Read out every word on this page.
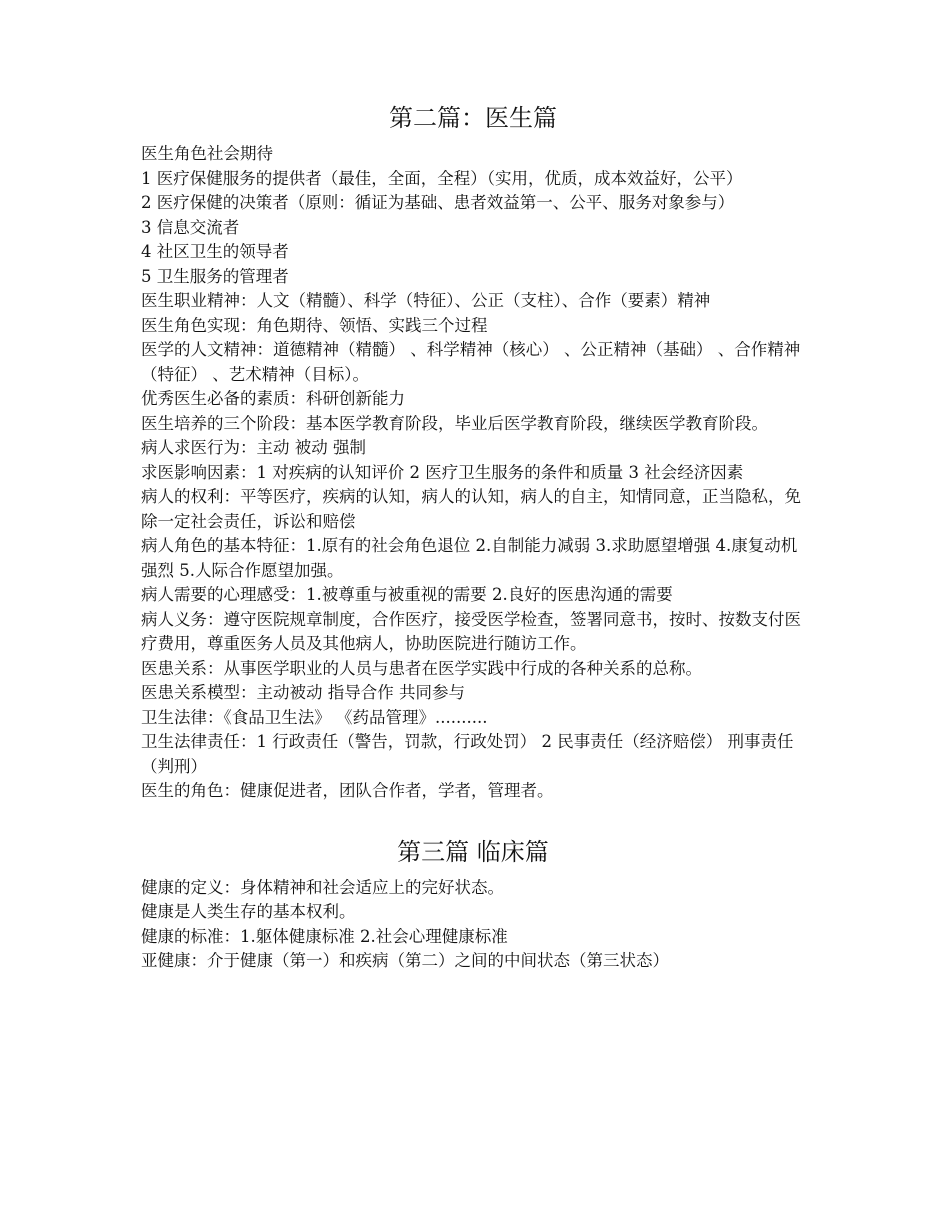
第二篇：医生篇

医生角色社会期待

1 医疗保健服务的提供者（最佳，全面，全程）（实用，优质，成本效益好，公平）

2 医疗保健的决策者（原则：循证为基础、患者效益第一、公平、服务对象参与）

3 信息交流者

4 社区卫生的领导者

5 卫生服务的管理者

医生职业精神：人文（精髓）、科学（特征）、公正（支柱）、合作（要素）精神

医生角色实现：角色期待、领悟、实践三个过程

医学的人文精神：道德精神（精髓） 、科学精神（核心） 、公正精神（基础） 、合作精神（特征） 、艺术精神（目标）。

优秀医生必备的素质：科研创新能力

医生培养的三个阶段：基本医学教育阶段，毕业后医学教育阶段，继续医学教育阶段。

病人求医行为：主动 被动 强制

求医影响因素：1 对疾病的认知评价 2 医疗卫生服务的条件和质量 3 社会经济因素

病人的权利：平等医疗，疾病的认知，病人的认知，病人的自主，知情同意，正当隐私，免除一定社会责任，诉讼和赔偿

病人角色的基本特征：1.原有的社会角色退位 2.自制能力减弱 3.求助愿望增强 4.康复动机强烈 5.人际合作愿望加强。

病人需要的心理感受：1.被尊重与被重视的需要 2.良好的医患沟通的需要

病人义务：遵守医院规章制度，合作医疗，接受医学检查，签署同意书，按时、按数支付医疗费用，尊重医务人员及其他病人，协助医院进行随访工作。

医患关系：从事医学职业的人员与患者在医学实践中行成的各种关系的总称。

医患关系模型：主动被动 指导合作 共同参与

卫生法律：《食品卫生法》 《药品管理》..........

卫生法律责任：1 行政责任（警告，罚款，行政处罚） 2 民事责任（经济赔偿） 刑事责任（判刑）

医生的角色：健康促进者，团队合作者，学者，管理者。

第三篇 临床篇

健康的定义：身体精神和社会适应上的完好状态。

健康是人类生存的基本权利。

健康的标准：1.躯体健康标准 2.社会心理健康标准

亚健康：介于健康（第一）和疾病（第二）之间的中间状态（第三状态）
